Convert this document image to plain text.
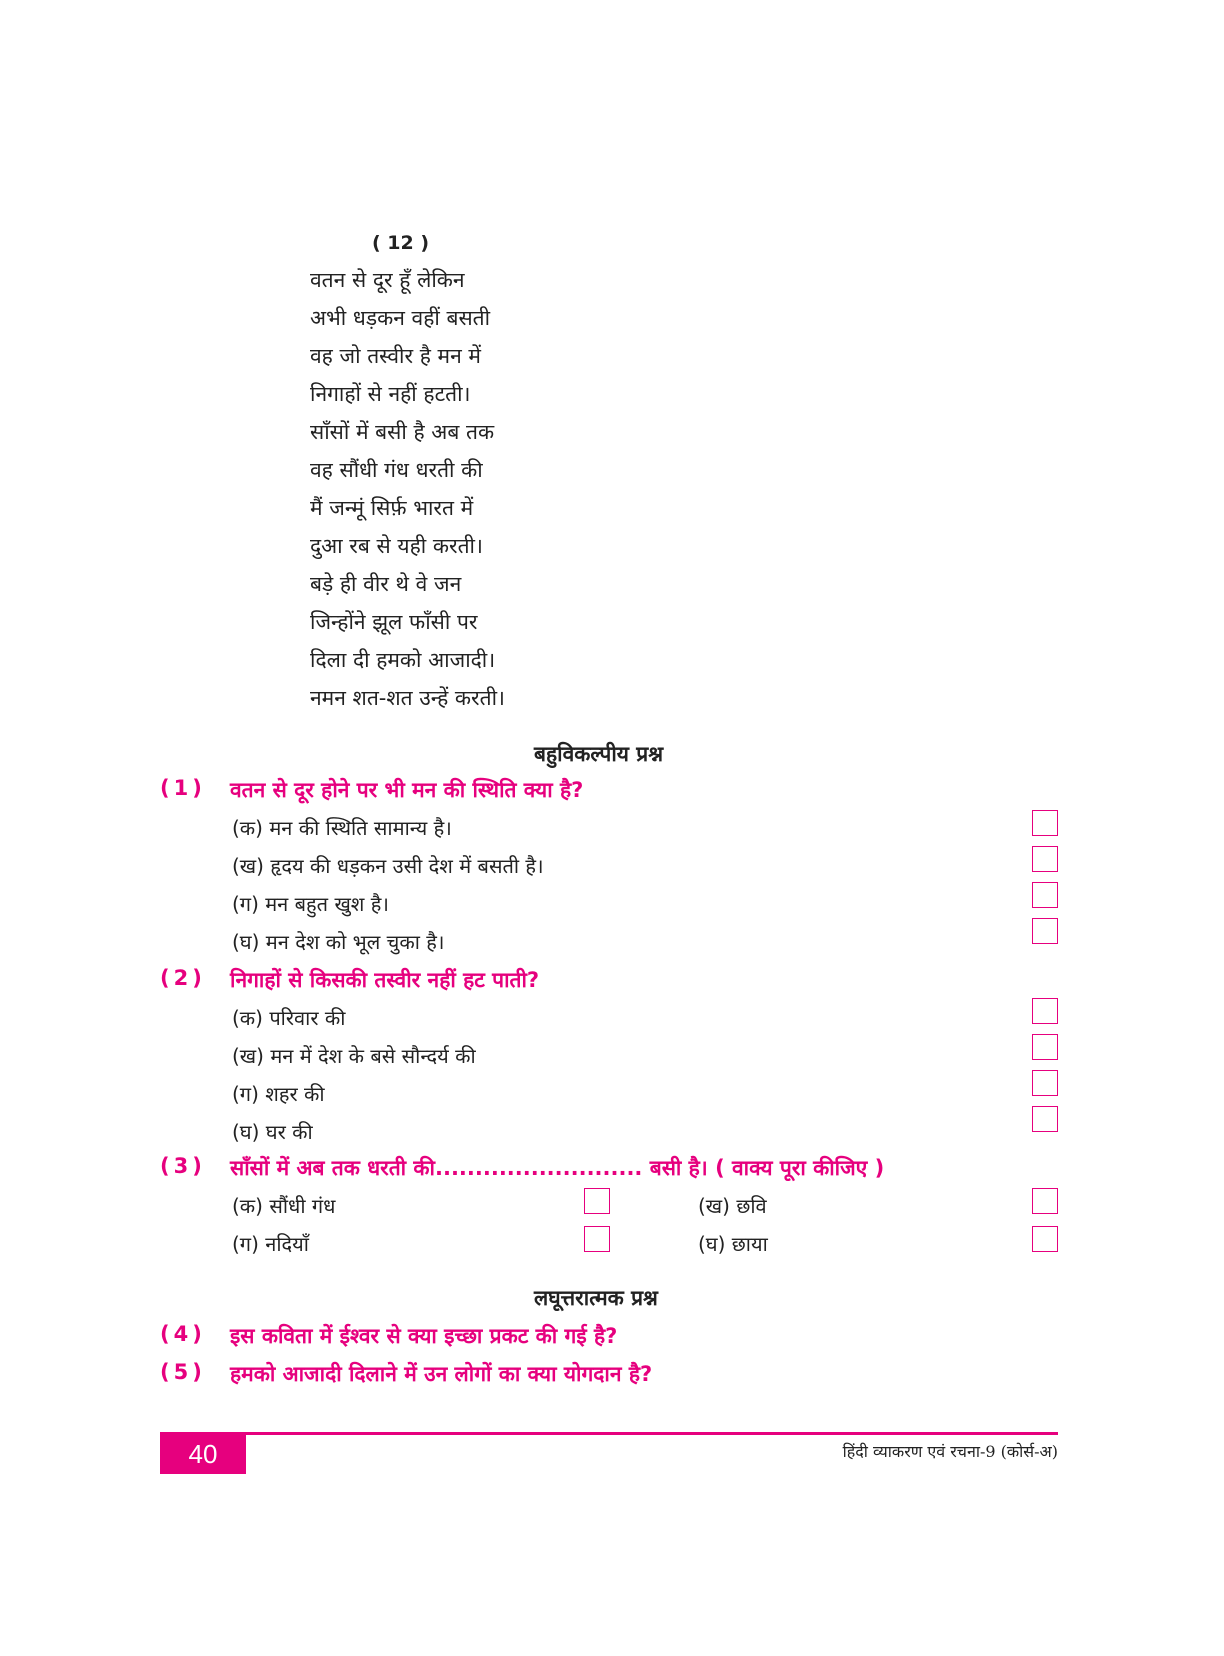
( 12 )
वतन से दूर हूँ लेकिन
अभी धड़कन वहीं बसती
वह जो तस्वीर है मन में
निगाहों से नहीं हटती।
साँसों में बसी है अब तक
वह सौंधी गंध धरती की
मैं जन्मूं सिर्फ़ भारत में
दुआ रब से यही करती।
बड़े ही वीर थे वे जन
जिन्होंने झूल फाँसी पर
दिला दी हमको आजादी।
नमन शत-शत उन्हें करती।
बहुविकल्पीय प्रश्न
(1) वतन से दूर होने पर भी मन की स्थिति क्या है?
(क) मन की स्थिति सामान्य है।
(ख) हृदय की धड़कन उसी देश में बसती है।
(ग) मन बहुत खुश है।
(घ) मन देश को भूल चुका है।
(2) निगाहों से किसकी तस्वीर नहीं हट पाती?
(क) परिवार की
(ख) मन में देश के बसे सौन्दर्य की
(ग) शहर की
(घ) घर की
(3) साँसों में अब तक धरती की.......................... बसी है। ( वाक्य पूरा कीजिए )
(क) सौंधी गंध	(ख) छवि
(ग) नदियाँ	(घ) छाया
लघूत्तरात्मक प्रश्न
(4) इस कविता में ईश्वर से क्या इच्छा प्रकट की गई है?
(5) हमको आजादी दिलाने में उन लोगों का क्या योगदान है?
40	हिंदी व्याकरण एवं रचना-9 (कोर्स-अ)
